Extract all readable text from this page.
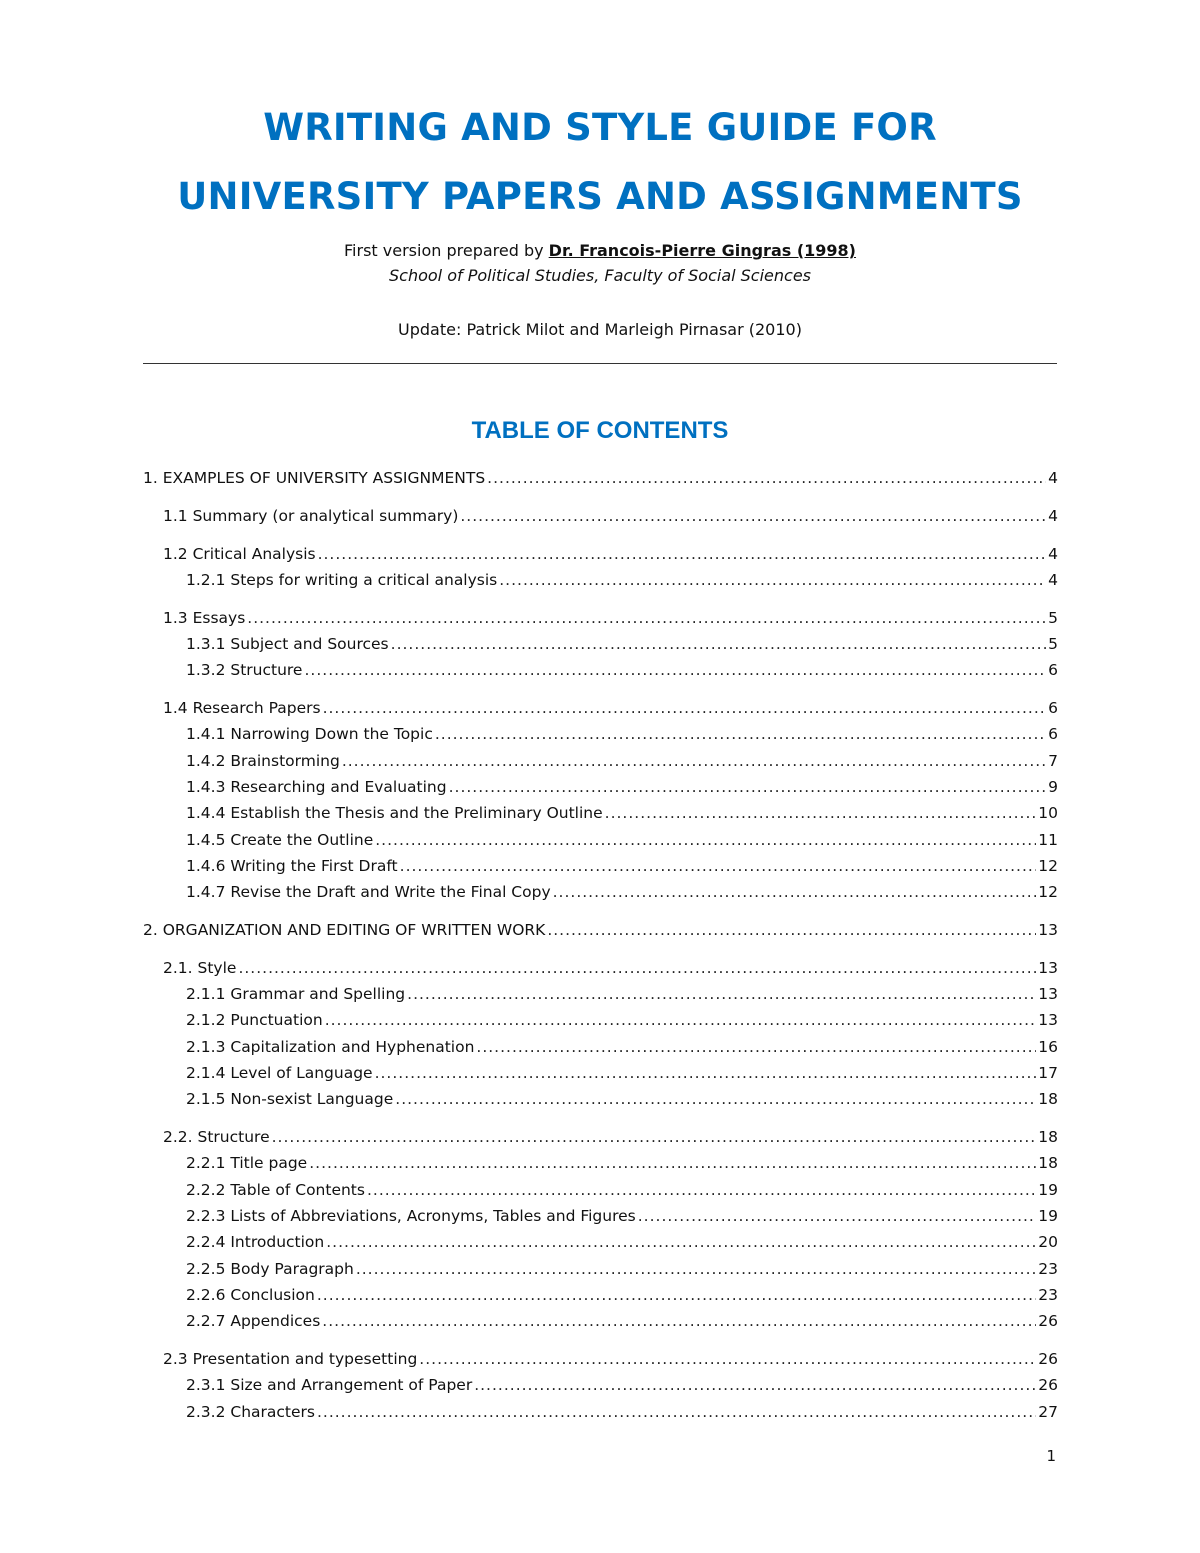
WRITING AND STYLE GUIDE FOR
UNIVERSITY PAPERS AND ASSIGNMENTS
First version prepared by Dr. Francois-Pierre Gingras (1998)
School of Political Studies, Faculty of Social Sciences
Update: Patrick Milot and Marleigh Pirnasar (2010)
TABLE OF CONTENTS
1. EXAMPLES OF UNIVERSITY ASSIGNMENTS .....	4
1.1 Summary (or analytical summary) .....	4
1.2 Critical Analysis .....	4
1.2.1 Steps for writing a critical analysis .....	4
1.3 Essays .....	5
1.3.1 Subject and Sources .....	5
1.3.2 Structure .....	6
1.4 Research Papers .....	6
1.4.1 Narrowing Down the Topic .....	6
1.4.2 Brainstorming .....	7
1.4.3 Researching and Evaluating .....	9
1.4.4 Establish the Thesis and the Preliminary Outline .....	10
1.4.5 Create the Outline .....	11
1.4.6 Writing the First Draft .....	12
1.4.7 Revise the Draft and Write the Final Copy .....	12
2. ORGANIZATION AND EDITING OF WRITTEN WORK .....	13
2.1. Style .....	13
2.1.1 Grammar and Spelling .....	13
2.1.2 Punctuation .....	13
2.1.3 Capitalization and Hyphenation .....	16
2.1.4 Level of Language .....	17
2.1.5 Non-sexist Language .....	18
2.2. Structure .....	18
2.2.1 Title page .....	18
2.2.2 Table of Contents .....	19
2.2.3 Lists of Abbreviations, Acronyms, Tables and Figures .....	19
2.2.4 Introduction .....	20
2.2.5 Body Paragraph .....	23
2.2.6 Conclusion .....	23
2.2.7 Appendices .....	26
2.3 Presentation and typesetting .....	26
2.3.1 Size and Arrangement of Paper .....	26
2.3.2 Characters .....	27
1
